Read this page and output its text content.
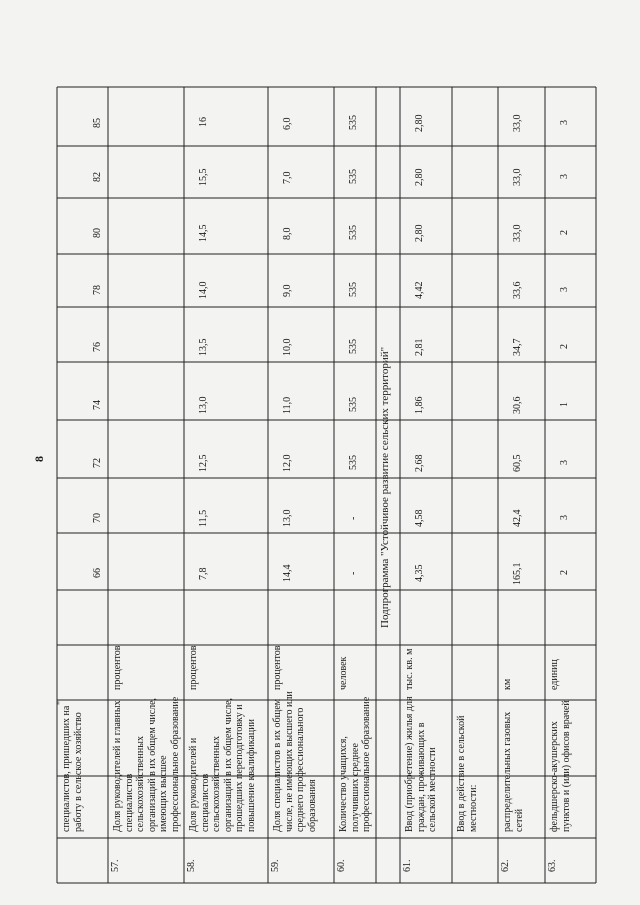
8
"
Подпрограмма "Устойчивое развитие сельских территорий"
специалистов, пришедших на работу в сельское хозяйство
57.
Доля руководителей и главных специалистов сельскохозяйственных организаций в их общем числе, имеющих высшее профессиональное образование
процентов
58.
Доля руководителей и специалистов сельскохозяйственных организаций в их общем числе, прошедших переподготовку и повышение квалификации
процентов
7,8
11,5
12,5
13,0
13,5
14,0
14,5
15,5
16
59.
Доля специалистов в их общем числе, не имеющих высшего или среднего профессионального образования
процентов
14,4
13,0
12,0
11,0
10,0
9,0
8,0
7,0
6,0
60.
Количество учащихся, получивших среднее профессиональное образование
человек
-
-
535
535
535
535
535
535
535
61.
Ввод (приобретение) жилья для граждан, проживающих в сельской местности
тыс. кв. м
4,35
4,58
2,68
1,86
2,81
4,42
2,80
2,80
2,80
Ввод в действие в сельской местности:
62.
распределительных газовых сетей
км
165,1
42,4
60,5
30,6
34,7
33,6
33,0
33,0
33,0
63.
фельдшерско-акушерских пунктов и (или) офисов врачей
единиц
2
3
3
1
2
3
2
3
3
66
70
72
74
76
78
80
82
85
